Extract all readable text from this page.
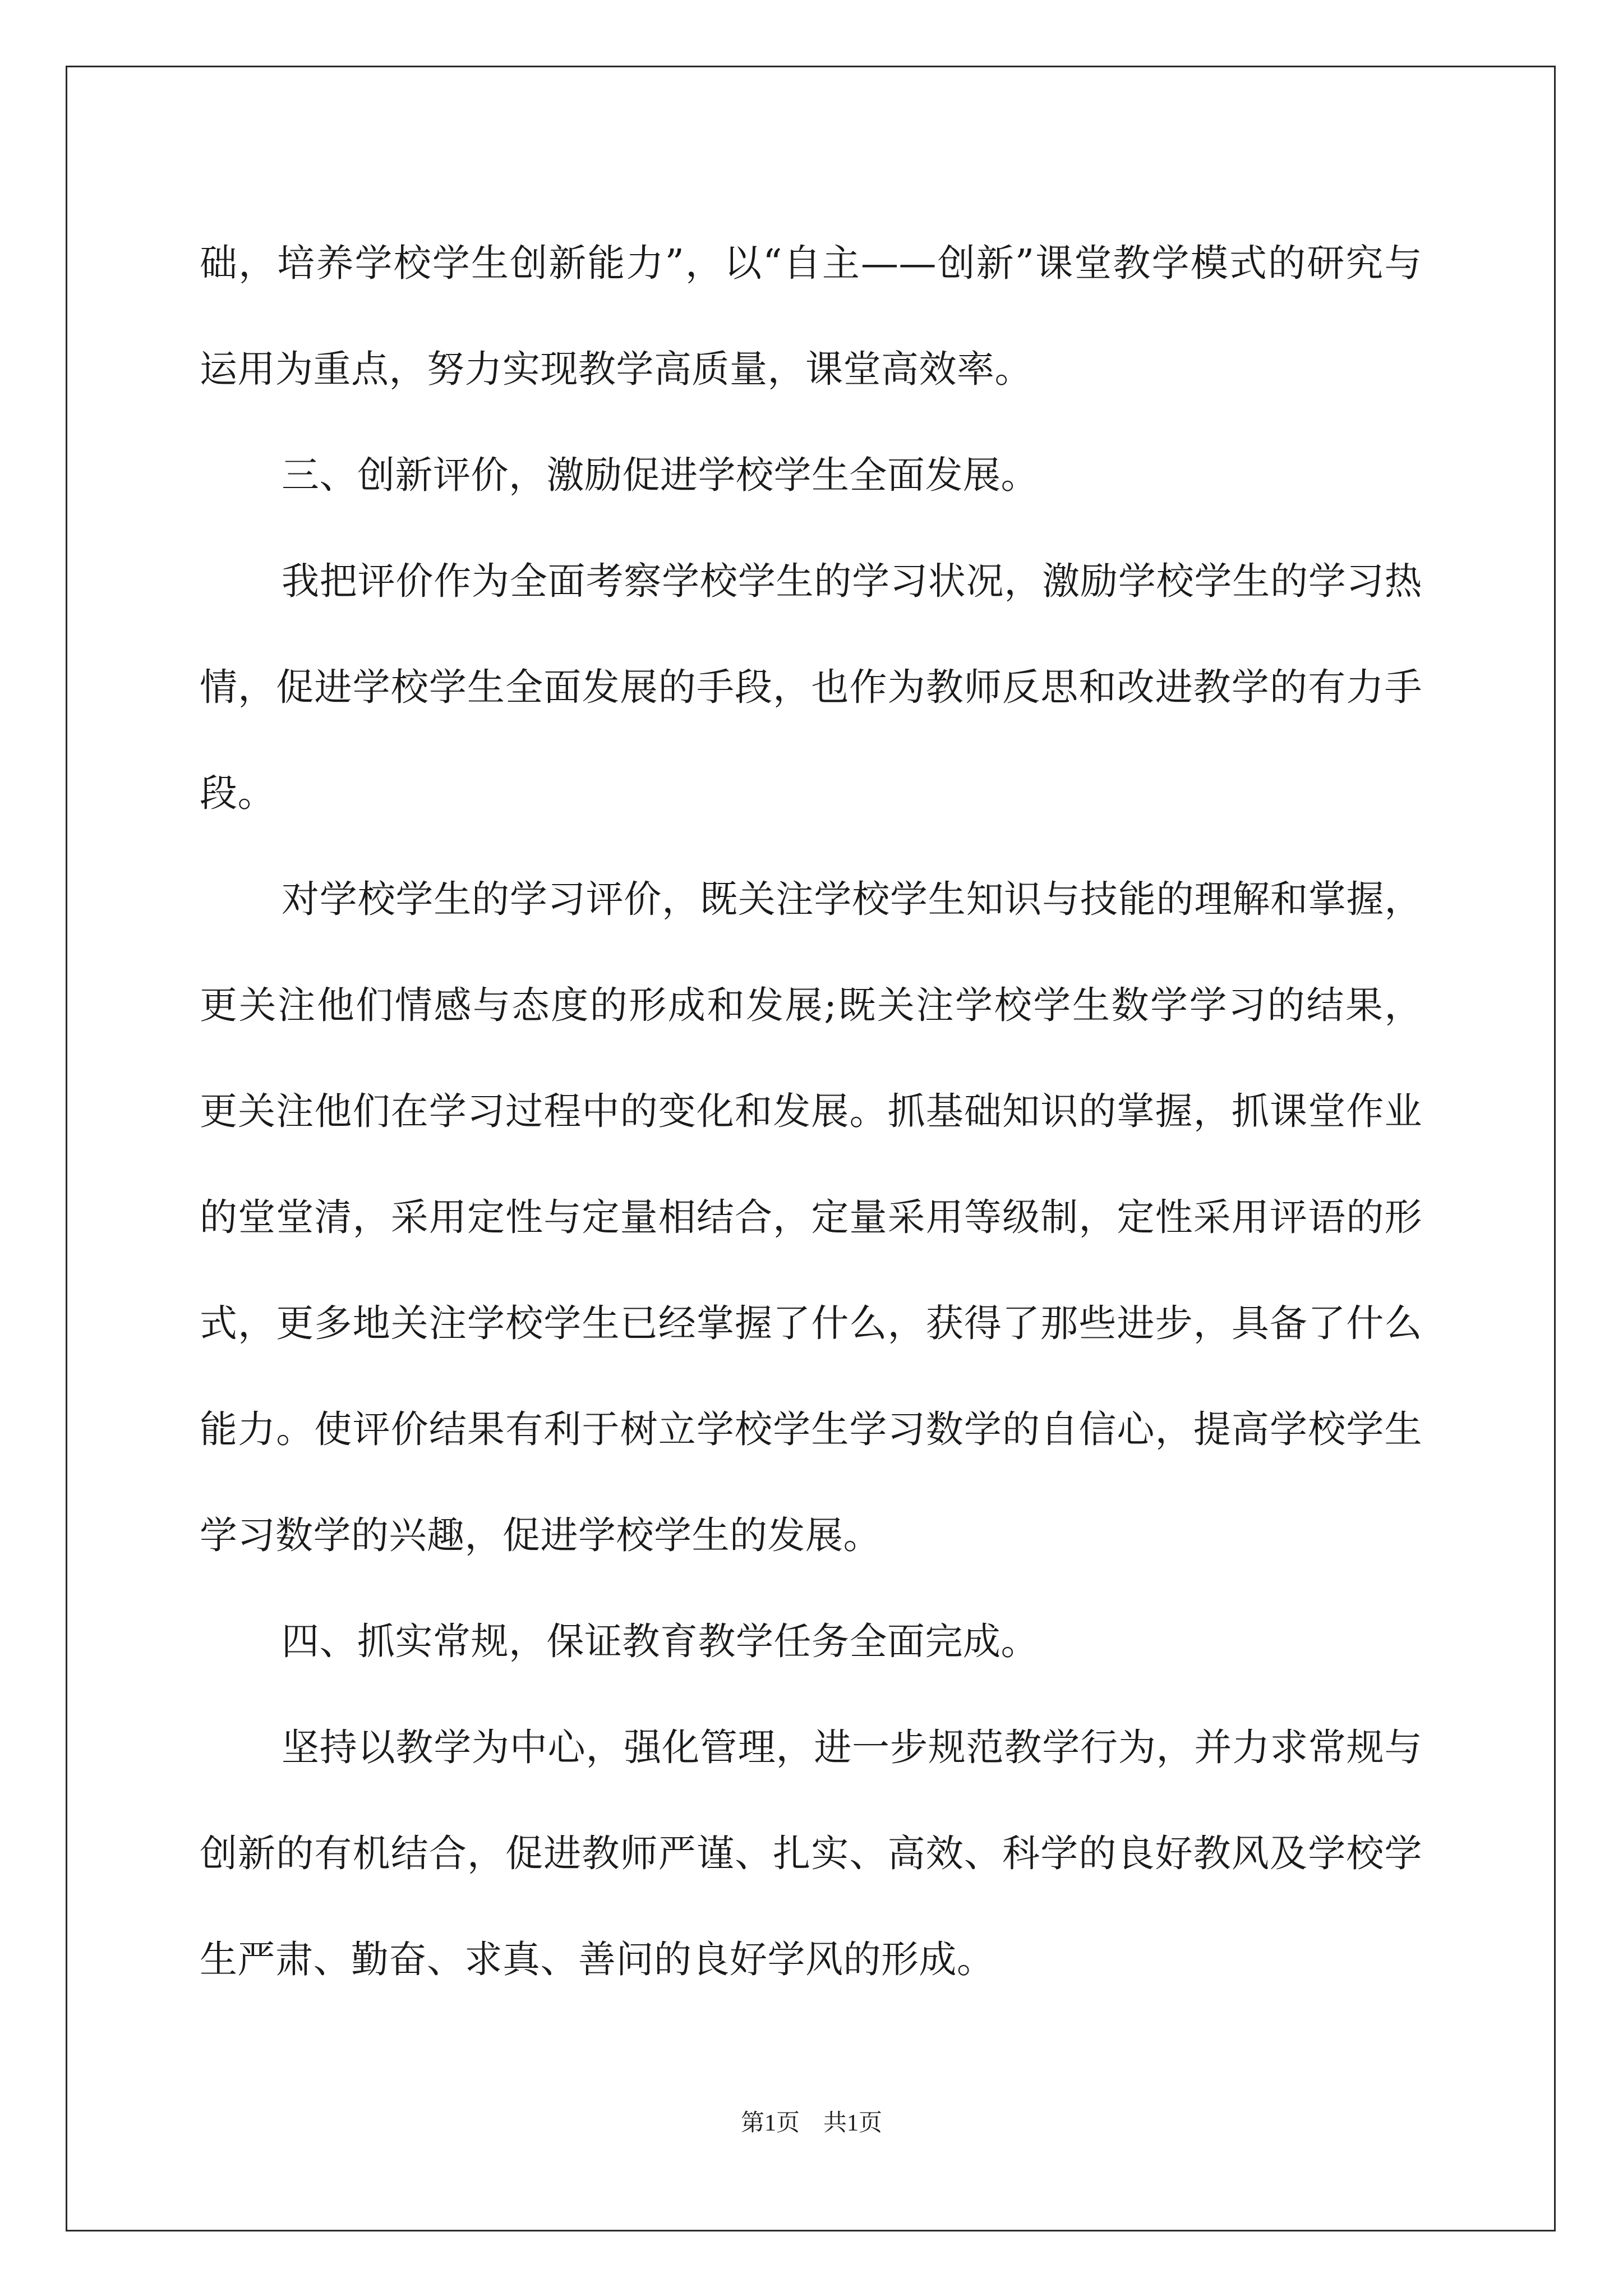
础，培养学校学生创新能力”，以“自主——创新”课堂教学模式的研究与运用为重点，努力实现教学高质量，课堂高效率。

三、创新评价，激励促进学校学生全面发展。

我把评价作为全面考察学校学生的学习状况，激励学校学生的学习热情，促进学校学生全面发展的手段，也作为教师反思和改进教学的有力手段。

对学校学生的学习评价，既关注学校学生知识与技能的理解和掌握，更关注他们情感与态度的形成和发展;既关注学校学生数学学习的结果，更关注他们在学习过程中的变化和发展。抓基础知识的掌握，抓课堂作业的堂堂清，采用定性与定量相结合，定量采用等级制，定性采用评语的形式，更多地关注学校学生已经掌握了什么，获得了那些进步，具备了什么能力。使评价结果有利于树立学校学生学习数学的自信心，提高学校学生学习数学的兴趣，促进学校学生的发展。

四、抓实常规，保证教育教学任务全面完成。

坚持以教学为中心，强化管理，进一步规范教学行为，并力求常规与创新的有机结合，促进教师严谨、扎实、高效、科学的良好教风及学校学生严肃、勤奋、求真、善问的良好学风的形成。

第1页　共1页
